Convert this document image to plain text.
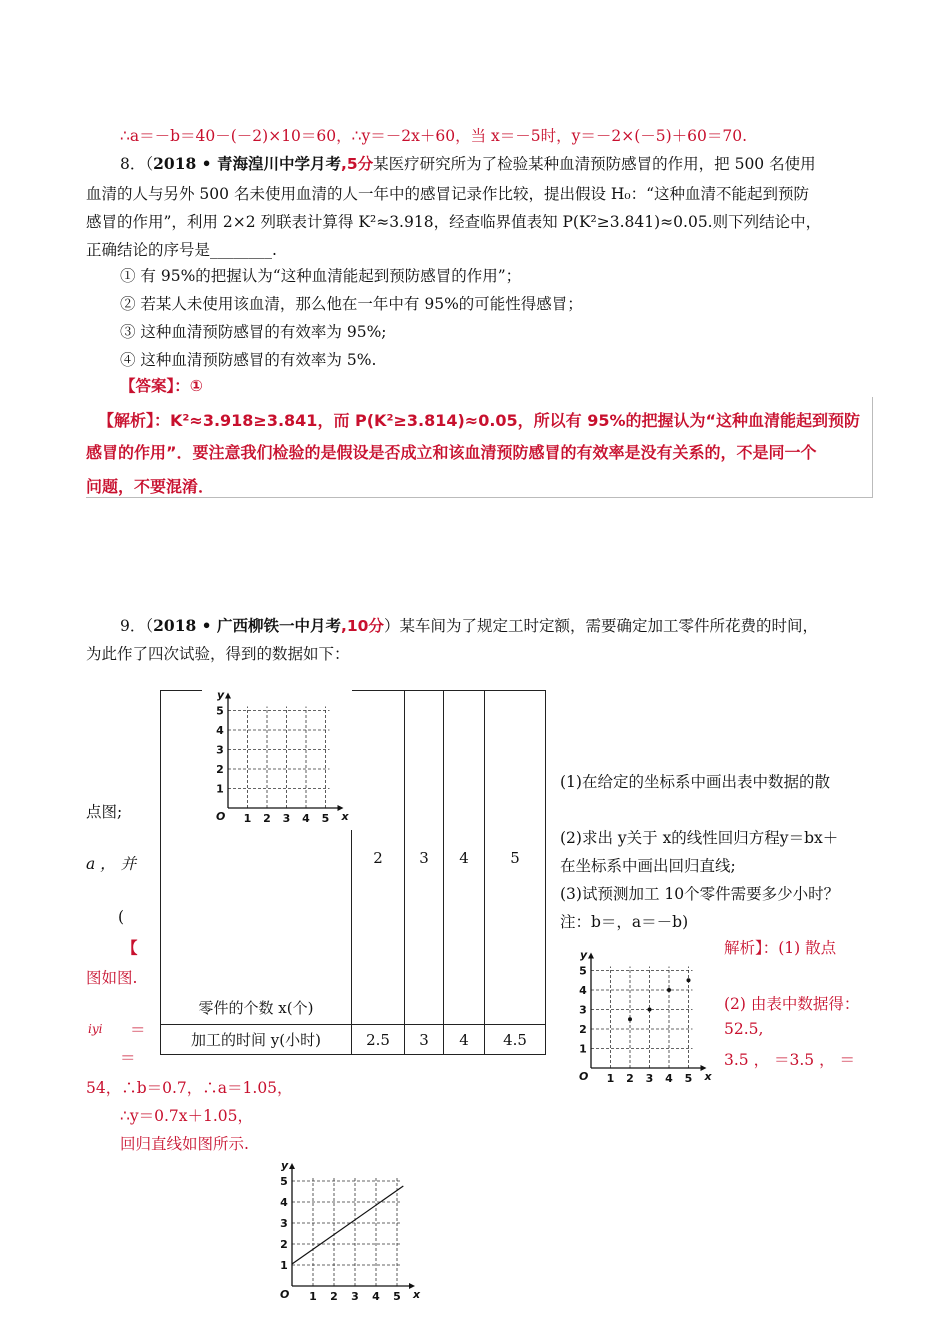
∴a＝－b＝40－(－2)×10＝60，∴y＝－2x＋60，当 x＝－5时，y＝－2×(－5)＋60＝70.
8．（2018 • 青海湟川中学月考,5分某医疗研究所为了检验某种血清预防感冒的作用，把 500 名使用
血清的人与另外 500 名未使用血清的人一年中的感冒记录作比较，提出假设 H₀：“这种血清不能起到预防
感冒的作用”，利用 2×2 列联表计算得 K²≈3.918，经查临界值表知 P(K²≥3.841)≈0.05.则下列结论中，
正确结论的序号是________.
① 有 95%的把握认为“这种血清能起到预防感冒的作用”；
② 若某人未使用该血清，那么他在一年中有 95%的可能性得感冒；
③ 这种血清预防感冒的有效率为 95%;
④ 这种血清预防感冒的有效率为 5%.
【答案】：①
【解析】：K²≈3.918≥3.841，而 P(K²≥3.814)≈0.05，所以有 95%的把握认为“这种血清能起到预防
感冒的作用”．要注意我们检验的是假设是否成立和该血清预防感冒的有效率是没有关系的，不是同一个
问题，不要混淆．
9．（2018 • 广西柳铁一中月考,10分）某车间为了规定工时定额，需要确定加工零件所花费的时间，
为此作了四次试验，得到的数据如下：
零件的个数 x(个)	2	3	4	5
加工的时间 y(小时)	2.5	3	4	4.5
1 2 3 4 5
1
2
3
4
5
O	x
y
1 2 3 4 5
1
2
3
4
5
O	x
y
1 2 3 4 5
1
2
3
4
5
O	x
y
(1)在给定的坐标系中画出表中数据的散
(2)求出 y关于 x的线性回归方程y＝bx＋
在坐标系中画出回归直线;
(3)试预测加工 10个零件需要多少小时？
注：b＝，a＝－b)
点图;
a ， 并
(
【
图如图.
iyi ＝
＝
解析】：(1) 散点
(2) 由表中数据得：
52.5,
3.5 ， ＝3.5 ， ＝
54，∴b＝0.7，∴a＝1.05，
∴y＝0.7x＋1.05，
回归直线如图所示.
